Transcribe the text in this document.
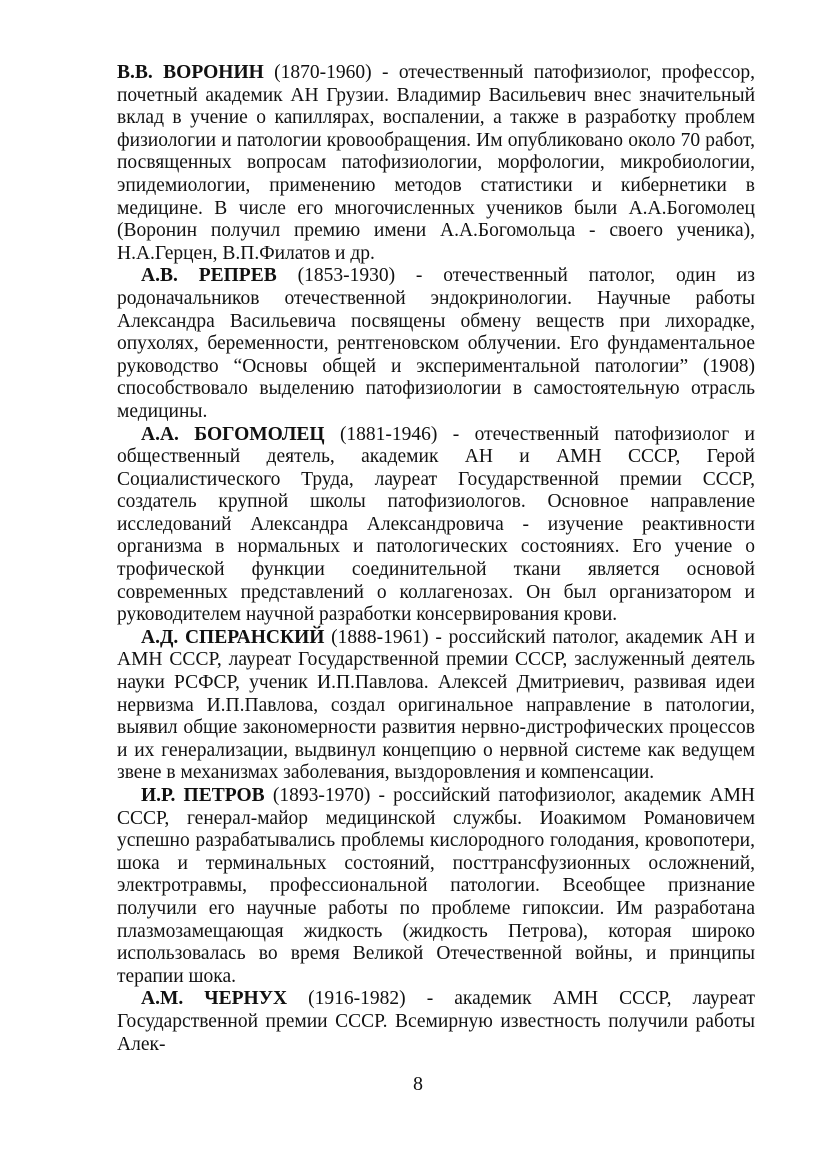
В.В. ВОРОНИН (1870-1960) - отечественный патофизиолог, профессор, почетный академик АН Грузии. Владимир Васильевич внес значительный вклад в учение о капиллярах, воспалении, а также в разработку проблем физиологии и патологии кровообращения. Им опубликовано около 70 работ, посвященных вопросам патофизиологии, морфологии, микробиологии, эпидемиологии, применению методов статистики и кибернетики в медицине. В числе его многочисленных учеников были А.А.Богомолец (Воронин получил премию имени А.А.Богомольца - своего ученика), Н.А.Герцен, В.П.Филатов и др.

А.В. РЕПРЕВ (1853-1930) - отечественный патолог, один из родоначальников отечественной эндокринологии. Научные работы Александра Васильевича посвящены обмену веществ при лихорадке, опухолях, беременности, рентгеновском облучении. Его фундаментальное руководство “Основы общей и экспериментальной патологии” (1908) способствовало выделению патофизиологии в самостоятельную отрасль медицины.

А.А. БОГОМОЛЕЦ (1881-1946) - отечественный патофизиолог и общественный деятель, академик АН и АМН СССР, Герой Социалистического Труда, лауреат Государственной премии СССР, создатель крупной школы патофизиологов. Основное направление исследований Александра Александровича - изучение реактивности организма в нормальных и патологических состояниях. Его учение о трофической функции соединительной ткани является основой современных представлений о коллагенозах. Он был организатором и руководителем научной разработки консервирования крови.

А.Д. СПЕРАНСКИЙ (1888-1961) - российский патолог, академик АН и АМН СССР, лауреат Государственной премии СССР, заслуженный деятель науки РСФСР, ученик И.П.Павлова. Алексей Дмитриевич, развивая идеи нервизма И.П.Павлова, создал оригинальное направление в патологии, выявил общие закономерности развития нервно-дистрофических процессов и их генерализации, выдвинул концепцию о нервной системе как ведущем звене в механизмах заболевания, выздоровления и компенсации.

И.Р. ПЕТРОВ (1893-1970) - российский патофизиолог, академик АМН СССР, генерал-майор медицинской службы. Иоакимом Романовичем успешно разрабатывались проблемы кислородного голодания, кровопотери, шока и терминальных состояний, посттрансфузионных осложнений, электротравмы, профессиональной патологии. Всеобщее признание получили его научные работы по проблеме гипоксии. Им разработана плазмозамещающая жидкость (жидкость Петрова), которая широко использовалась во время Великой Отечественной войны, и принципы терапии шока.

А.М. ЧЕРНУХ (1916-1982) - академик АМН СССР, лауреат Государственной премии СССР. Всемирную известность получили работы Алек-

8
